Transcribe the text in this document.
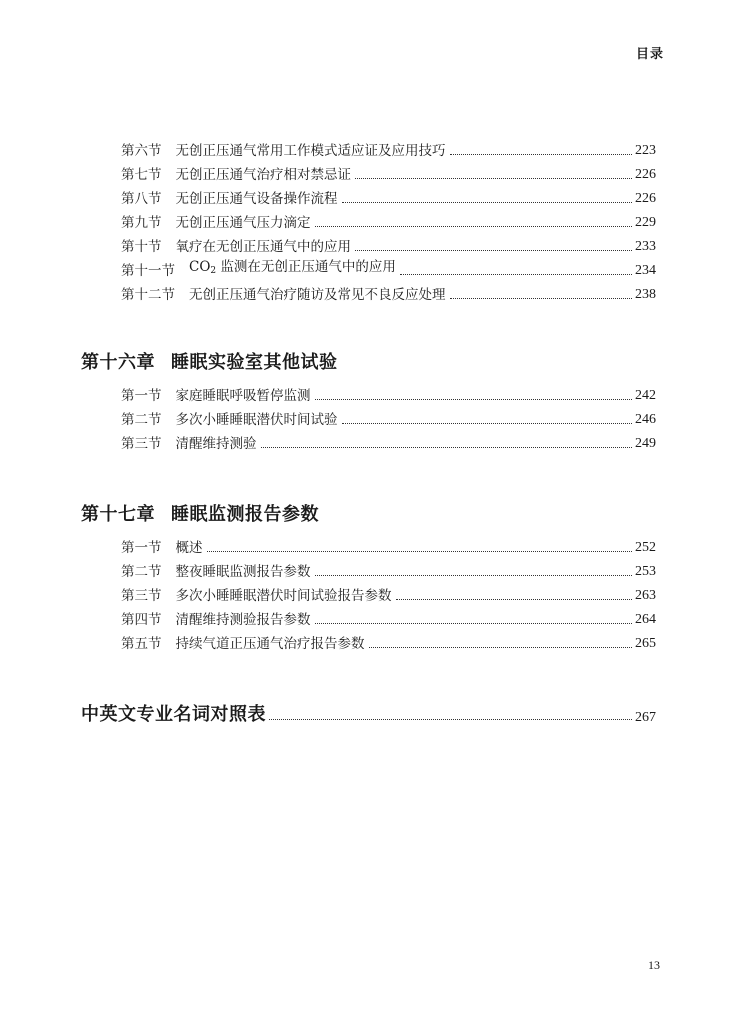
目录
第六节 无创正压通气常用工作模式适应证及应用技巧	223
第七节 无创正压通气治疗相对禁忌证	226
第八节 无创正压通气设备操作流程	226
第九节 无创正压通气压力滴定	229
第十节 氧疗在无创正压通气中的应用	233
第十一节 $CO_2$ 监测在无创正压通气中的应用	234
第十二节 无创正压通气治疗随访及常见不良反应处理	238
第十六章 睡眠实验室其他试验
第一节 家庭睡眠呼吸暂停监测	242
第二节 多次小睡睡眠潜伏时间试验	246
第三节 清醒维持测验	249
第十七章 睡眠监测报告参数
第一节 概述	252
第二节 整夜睡眠监测报告参数	253
第三节 多次小睡睡眠潜伏时间试验报告参数	263
第四节 清醒维持测验报告参数	264
第五节 持续气道正压通气治疗报告参数	265
中英文专业名词对照表	267
13
